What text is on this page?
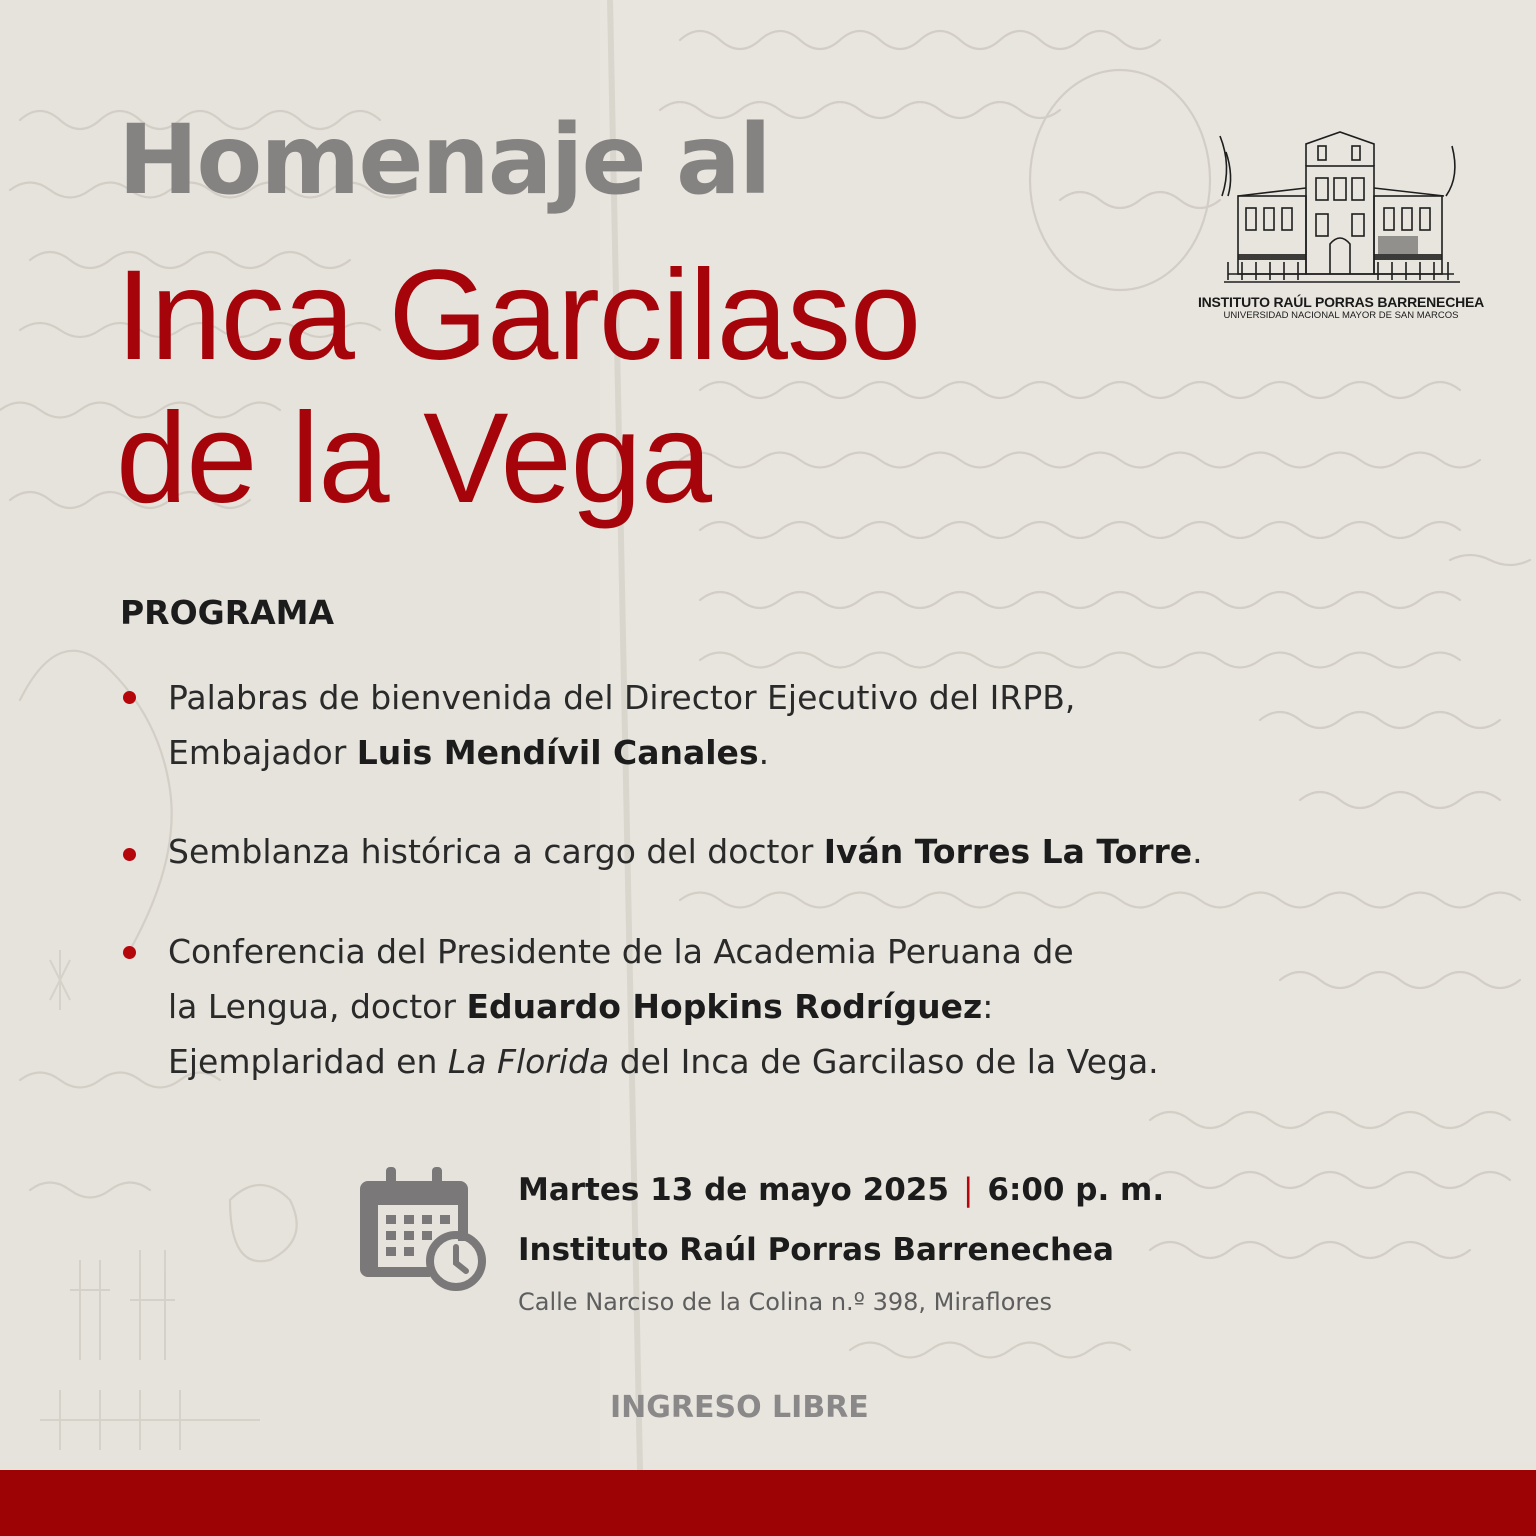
Homenaje al
Inca Garcilaso
de la Vega
INSTITUTO RAÚL PORRAS BARRENECHEA
UNIVERSIDAD NACIONAL MAYOR DE SAN MARCOS
PROGRAMA
Palabras de bienvenida del Director Ejecutivo del IRPB,
Embajador Luis Mendívil Canales.
Semblanza histórica a cargo del doctor Iván Torres La Torre.
Conferencia del Presidente de la Academia Peruana de
la Lengua, doctor Eduardo Hopkins Rodríguez:
Ejemplaridad en La Florida del Inca de Garcilaso de la Vega.
Martes 13 de mayo 2025 | 6:00 p. m.
Instituto Raúl Porras Barrenechea
Calle Narciso de la Colina n.º 398, Miraflores
INGRESO LIBRE
